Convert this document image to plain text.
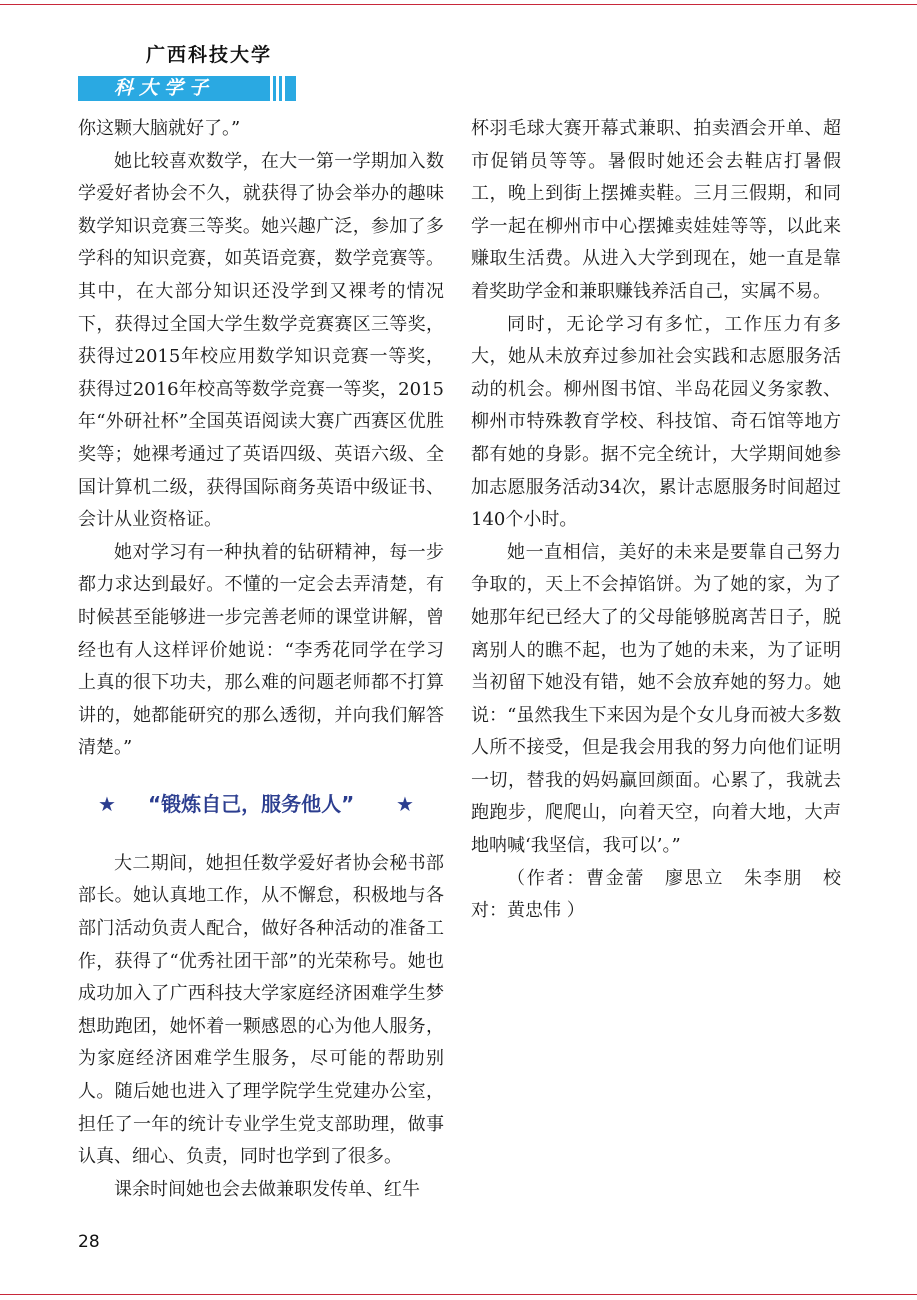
广西科技大学
科大学子

你这颗大脑就好了。”

她比较喜欢数学，在大一第一学期加入数学爱好者协会不久，就获得了协会举办的趣味数学知识竞赛三等奖。她兴趣广泛，参加了多学科的知识竞赛，如英语竞赛，数学竞赛等。其中，在大部分知识还没学到又裸考的情况下，获得过全国大学生数学竞赛赛区三等奖，获得过2015年校应用数学知识竞赛一等奖，获得过2016年校高等数学竞赛一等奖，2015年“外研社杯”全国英语阅读大赛广西赛区优胜奖等；她裸考通过了英语四级、英语六级、全国计算机二级，获得国际商务英语中级证书、会计从业资格证。

她对学习有一种执着的钻研精神，每一步都力求达到最好。不懂的一定会去弄清楚，有时候甚至能够进一步完善老师的课堂讲解，曾经也有人这样评价她说：“李秀花同学在学习上真的很下功夫，那么难的问题老师都不打算讲的，她都能研究的那么透彻，并向我们解答清楚。”

★ “锻炼自己，服务他人” ★

大二期间，她担任数学爱好者协会秘书部部长。她认真地工作，从不懈怠，积极地与各部门活动负责人配合，做好各种活动的准备工作，获得了“优秀社团干部”的光荣称号。她也成功加入了广西科技大学家庭经济困难学生梦想助跑团，她怀着一颗感恩的心为他人服务，为家庭经济困难学生服务，尽可能的帮助别人。随后她也进入了理学院学生党建办公室，担任了一年的统计专业学生党支部助理，做事认真、细心、负责，同时也学到了很多。

课余时间她也会去做兼职发传单、红牛

杯羽毛球大赛开幕式兼职、拍卖酒会开单、超市促销员等等。暑假时她还会去鞋店打暑假工，晚上到街上摆摊卖鞋。三月三假期，和同学一起在柳州市中心摆摊卖娃娃等等，以此来赚取生活费。从进入大学到现在，她一直是靠着奖助学金和兼职赚钱养活自己，实属不易。

同时，无论学习有多忙，工作压力有多大，她从未放弃过参加社会实践和志愿服务活动的机会。柳州图书馆、半岛花园义务家教、柳州市特殊教育学校、科技馆、奇石馆等地方都有她的身影。据不完全统计，大学期间她参加志愿服务活动34次，累计志愿服务时间超过140个小时。

她一直相信，美好的未来是要靠自己努力争取的，天上不会掉馅饼。为了她的家，为了她那年纪已经大了的父母能够脱离苦日子，脱离别人的瞧不起，也为了她的未来，为了证明当初留下她没有错，她不会放弃她的努力。她说：“虽然我生下来因为是个女儿身而被大多数人所不接受，但是我会用我的努力向他们证明一切，替我的妈妈赢回颜面。心累了，我就去跑跑步，爬爬山，向着天空，向着大地，大声地呐喊‘我坚信，我可以’。”

（作者：曹金蕾　廖思立　朱李朋　校对：黄忠伟 ）

28
